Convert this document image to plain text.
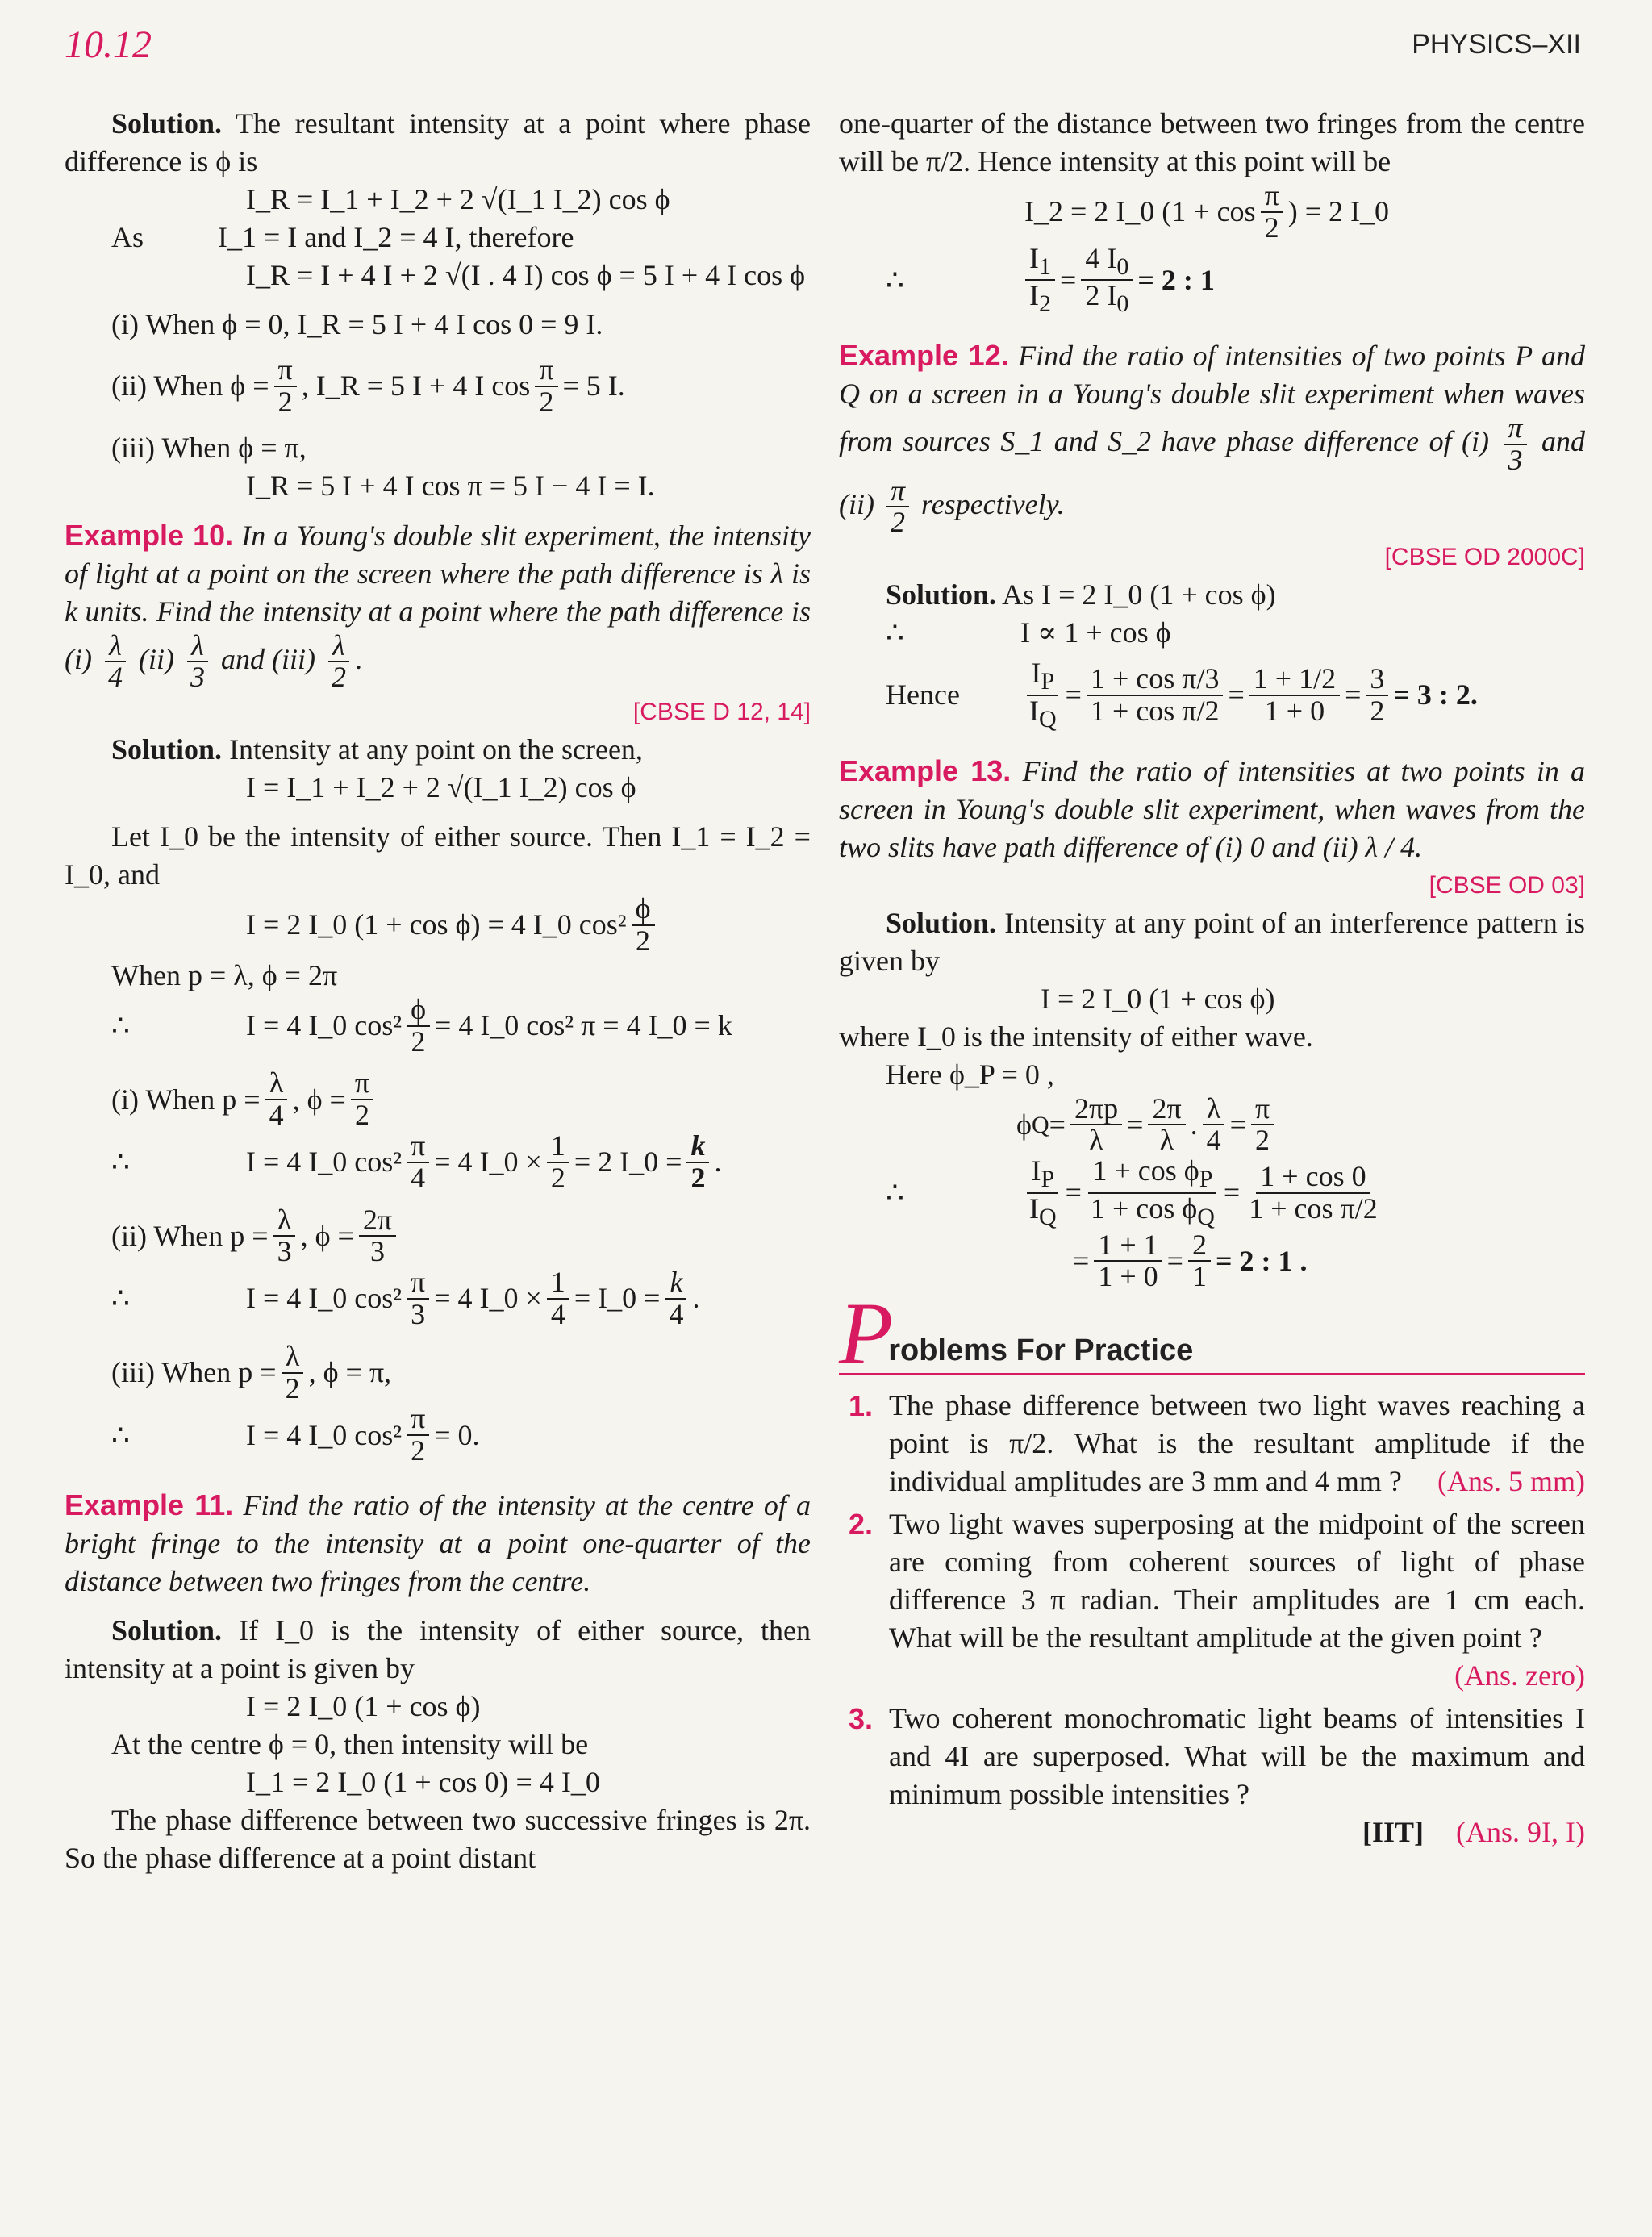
10.12	PHYSICS–XII

Solution. The resultant intensity at a point where phase difference is ϕ is

I_R = I_1 + I_2 + 2 √(I_1 I_2) cos ϕ

As	I_1 = I and I_2 = 4 I, therefore

I_R = I + 4 I + 2 √(I . 4 I) cos ϕ = 5 I + 4 I cos ϕ

(i) When ϕ = 0, I_R = 5 I + 4 I cos 0 = 9 I.

(ii) When $\phi = \frac{\pi}{2}$ , I_R = 5 I + 4 I $\cos \frac{\pi}{2} = 5$ I.

(iii) When ϕ = π,

I_R = 5 I + 4 I cos π = 5 I − 4 I = I.

Example 10. In a Young's double slit experiment, the intensity of light at a point on the screen where the path difference is λ is k units. Find the intensity at a point where the path difference is $(i) \frac{\lambda}{4} (ii) \frac{\lambda}{3}$ and $(iii) \frac{\lambda}{2}$ .

[CBSE D 12, 14]

Solution. Intensity at any point on the screen,

I = I_1 + I_2 + 2 √(I_1 I_2) cos ϕ

Let I_0 be the intensity of either source. Then I_1 = I_2 = I_0, and

I = 2 I_0 (1 + cos ϕ) = 4 I_0 $\cos^2 \frac{\phi}{2}$

When p = λ, ϕ = 2π

∴	I = 4 I_0 $\cos^2 \frac{\phi}{2} = 4$ I_0 cos² π = 4 I_0 = k

(i) When $p = \frac{\lambda}{4}$ , $\phi = \frac{\pi}{2}$

∴	I = 4 I_0 $\cos^2 \frac{\pi}{4} = 4$ I_0 × $\frac{1}{2} = 2$ I_0 = $\frac{k}{2}$ .

(ii) When $p = \frac{\lambda}{3}$ , $\phi = \frac{2\pi}{3}$

∴	I = 4 I_0 $\cos^2 \frac{\pi}{3} = 4$ I_0 × $\frac{1}{4}$ = I_0 = $\frac{k}{4}$ .

(iii) When $p = \frac{\lambda}{2}$ , ϕ = π,

∴	I = 4 I_0 $\cos^2 \frac{\pi}{2} = 0$.

Example 11. Find the ratio of the intensity at the centre of a bright fringe to the intensity at a point one-quarter of the distance between two fringes from the centre.

Solution. If I_0 is the intensity of either source, then intensity at a point is given by

I = 2 I_0 (1 + cos ϕ)

At the centre ϕ = 0, then intensity will be

I_1 = 2 I_0 (1 + cos 0) = 4 I_0

The phase difference between two successive fringes is 2π. So the phase difference at a point distant

one-quarter of the distance between two fringes from the centre will be π/2. Hence intensity at this point will be

I_2 = 2 I_0 ($1 + \cos \frac{\pi}{2}$ ) = 2 I_0

∴	$\frac{I_1}{I_2} = \frac{4 I_0}{2 I_0} = 2$ : 1

Example 12. Find the ratio of intensities of two points P and Q on a screen in a Young's double slit experiment when waves from sources S_1 and S_2 have phase difference of $(i) \frac{\pi}{3}$ and $(ii) \frac{\pi}{2}$ respectively.

[CBSE OD 2000C]

Solution. As I = 2 I_0 (1 + cos ϕ)

∴	I ∝ 1 + cos ϕ
Hence	$\frac{I_P}{I_Q} = \frac{\text{1 + cos π/3}}{\text{1 + cos π/2}} = \frac{1 + 1/2}{1 + 0} = \frac{3}{2} = 3$ : 2.

Example 13. Find the ratio of intensities at two points in a screen in Young's double slit experiment, when waves from the two slits have path difference of (i) 0 and (ii) λ / 4.

[CBSE OD 03]

Solution. Intensity at any point of an interference pattern is given by

I = 2 I_0 (1 + cos ϕ)

where I_0 is the intensity of either wave.

Here ϕ_P = 0 ,

ϕ $Q = \frac{2\pi p}{\lambda} = \frac{2\pi}{\lambda}$ . $\frac{\lambda}{4} = \frac{\pi}{2}$

∴	$\frac{I_P}{I_Q} = \frac{1 + \cos \phi_P}{1 + \cos \phi_Q} = \frac{1 + \cos 0}{\text{1 + cos π/2}}$

= $\frac{1 + 1}{1 + 0} = \frac{2}{1} = 2$ : 1 .

P
roblems For Practice
1. The phase difference between two light waves reaching a point is π/2. What is the resultant amplitude if the individual amplitudes are 3 mm and 4 mm ? (Ans. 5 mm)
2. Two light waves superposing at the midpoint of the screen are coming from coherent sources of light of phase difference 3 π radian. Their amplitudes are 1 cm each. What will be the resultant amplitude at the given point ?
(Ans. zero)
3. Two coherent monochromatic light beams of intensities I and 4I are superposed. What will be the maximum and minimum possible intensities ?
[IIT] (Ans. 9I, I)
